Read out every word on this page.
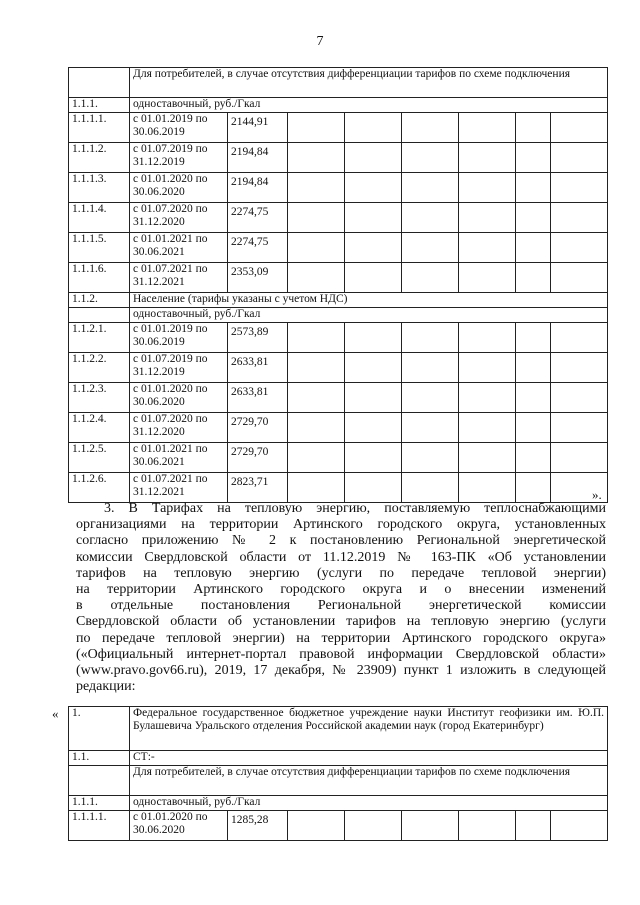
7
	Для потребителей, в случае отсутствия дифференциации тарифов по схеме подключения							
1.1.1.	одноставочный, руб./Гкал							
1.1.1.1.	с 01.01.2019 по 30.06.2019	2144,91						
1.1.1.2.	с 01.07.2019 по 31.12.2019	2194,84						
1.1.1.3.	с 01.01.2020 по 30.06.2020	2194,84						
1.1.1.4.	с 01.07.2020 по 31.12.2020	2274,75						
1.1.1.5.	с 01.01.2021 по 30.06.2021	2274,75						
1.1.1.6.	с 01.07.2021 по 31.12.2021	2353,09						
1.1.2.	Население (тарифы указаны с учетом НДС)							
	одноставочный, руб./Гкал							
1.1.2.1.	с 01.01.2019 по 30.06.2019	2573,89						
1.1.2.2.	с 01.07.2019 по 31.12.2019	2633,81						
1.1.2.3.	с 01.01.2020 по 30.06.2020	2633,81						
1.1.2.4.	с 01.07.2020 по 31.12.2020	2729,70						
1.1.2.5.	с 01.01.2021 по 30.06.2021	2729,70						
1.1.2.6.	с 01.07.2021 по 31.12.2021	2823,71						
».
3. В Тарифах на тепловую энергию, поставляемую теплоснабжающими
организациями на территории Артинского городского округа, установленных
согласно приложению № 2 к постановлению Региональной энергетической
комиссии Свердловской области от 11.12.2019 № 163-ПК «Об установлении
тарифов на тепловую энергию (услуги по передаче тепловой энергии)
на территории Артинского городского округа и о внесении изменений
в отдельные постановления Региональной энергетической комиссии
Свердловской области об установлении тарифов на тепловую энергию (услуги
по передаче тепловой энергии) на территории Артинского городского округа»
(«Официальный интернет-портал правовой информации Свердловской области»
(www.pravo.gov66.ru), 2019, 17 декабря, № 23909) пункт 1 изложить в следующей
редакции:
« 1.	Федеральное государственное бюджетное учреждение науки Институт геофизики им. Ю.П. Булашевича Уральского отделения Российской академии наук (город Екатеринбург)							
1.1.	СТ:-							
	Для потребителей, в случае отсутствия дифференциации тарифов по схеме подключения							
1.1.1.	одноставочный, руб./Гкал							
1.1.1.1.	с 01.01.2020 по 30.06.2020	1285,28						
